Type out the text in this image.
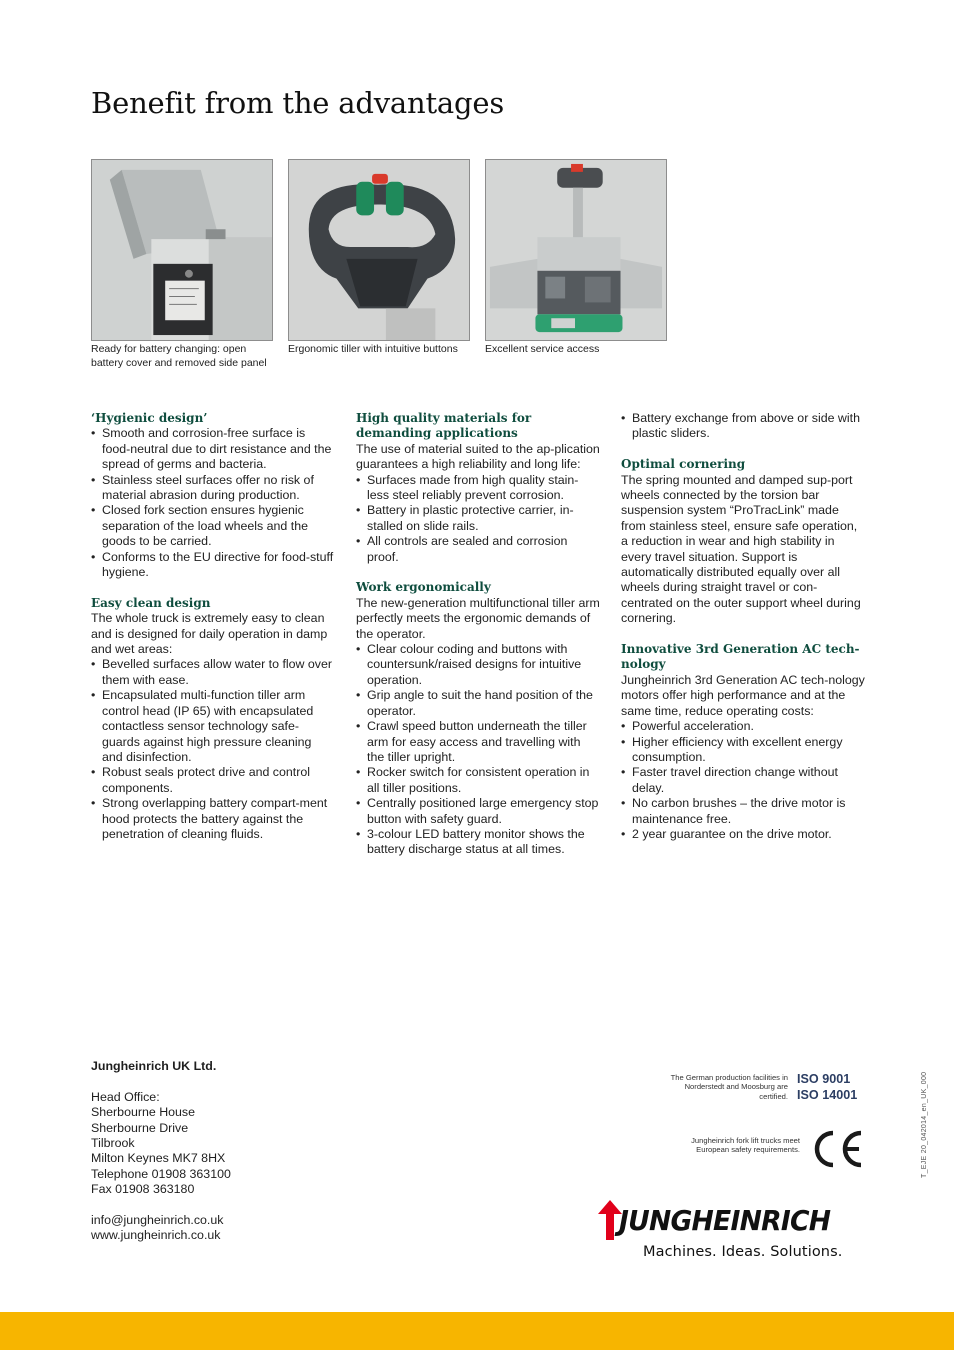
Benefit from the advantages
Ready for battery changing: open battery cover and removed side panel
Ergonomic tiller with intuitive buttons	Excellent service access
‘Hygienic design’
• Smooth and corrosion-free surface is food-neutral due to dirt resistance and the spread of germs and bacteria.
• Stainless steel surfaces offer no risk of material abrasion during production.
• Closed fork section ensures hygienic separation of the load wheels and the goods to be carried.
• Conforms to the EU directive for food-stuff hygiene.
Easy clean design

The whole truck is extremely easy to clean and is designed for daily operation in damp and wet areas:

• Bevelled surfaces allow water to flow over them with ease.
• Encapsulated multi-function tiller arm control head (IP 65) with encapsulated contactless sensor technology safe-guards against high pressure cleaning and disinfection.
• Robust seals protect drive and control components.
• Strong overlapping battery compart-ment hood protects the battery against the penetration of cleaning fluids.
High quality materials for demanding applications

The use of material suited to the ap-plication guarantees a high reliability and long life:

• Surfaces made from high quality stain-less steel reliably prevent corrosion.
• Battery in plastic protective carrier, in-stalled on slide rails.
• All controls are sealed and corrosion proof.
Work ergonomically

The new-generation multifunctional tiller arm perfectly meets the ergonomic demands of the operator.

• Clear colour coding and buttons with countersunk/raised designs for intuitive operation.
• Grip angle to suit the hand position of the operator.
• Crawl speed button underneath the tiller arm for easy access and travelling with the tiller upright.
• Rocker switch for consistent operation in all tiller positions.
• Centrally positioned large emergency stop button with safety guard.
• 3-colour LED battery monitor shows the battery discharge status at all times.
• Battery exchange from above or side with plastic sliders.
Optimal cornering

The spring mounted and damped sup-port wheels connected by the torsion bar suspension system “ProTracLink” made from stainless steel, ensure safe operation, a reduction in wear and high stability in every travel situation. Support is automatically distributed equally over all wheels during straight travel or con-centrated on the outer support wheel during cornering.

Innovative 3rd Generation AC tech-nology

Jungheinrich 3rd Generation AC tech-nology motors offer high performance and at the same time, reduce operating costs:

• Powerful acceleration.
• Higher efficiency with excellent energy consumption.
• Faster travel direction change without delay.
• No carbon brushes – the drive motor is maintenance free.
• 2 year guarantee on the drive motor.
Jungheinrich UK Ltd.
Head Office:
Sherbourne House
Sherbourne Drive
Tilbrook
Milton Keynes MK7 8HX
Telephone 01908 363100
Fax 01908 363180
info@jungheinrich.co.uk
www.jungheinrich.co.uk
The German production facilities in Norderstedt and Moosburg are certified.
ISO 9001
ISO 14001
Jungheinrich fork lift trucks meet European safety requirements.
JUNGHEINRICH
Machines. Ideas. Solutions.
T_EJE 20_042014_en_UK_000
